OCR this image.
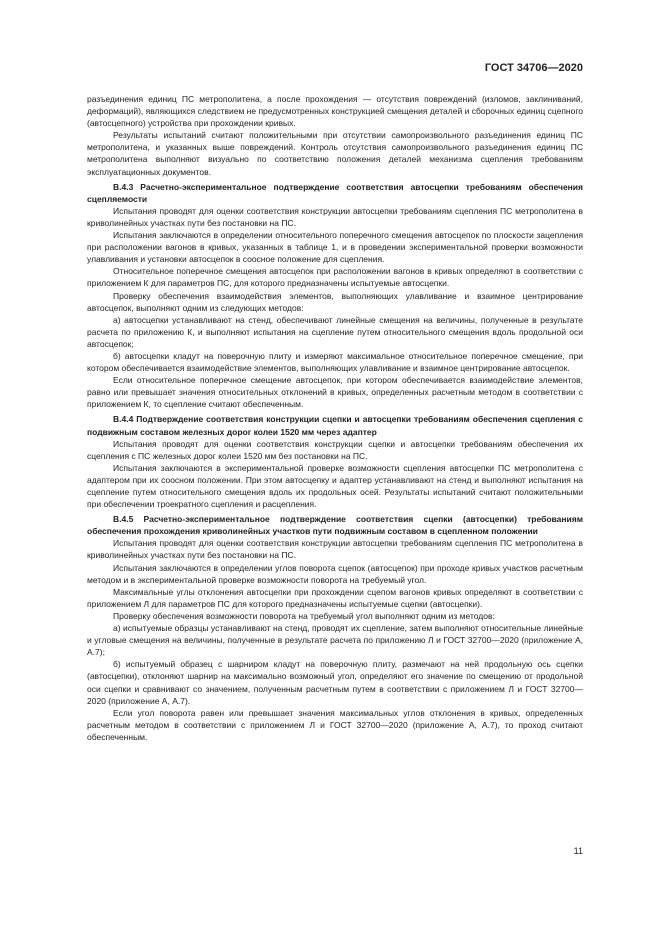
ГОСТ 34706—2020

разъединения единиц ПС метрополитена, а после прохождения — отсутствия повреждений (изломов, заклиниваний, деформаций), являющихся следствием не предусмотренных конструкцией смещения деталей и сборочных единиц сцепного (автосцепного) устройства при прохождении кривых.

Результаты испытаний считают положительными при отсутствии самопроизвольного разъединения единиц ПС метрополитена, и указанных выше повреждений. Контроль отсутствия самопроизвольного разъединения единиц ПС метрополитена выполняют визуально по соответствию положения деталей механизма сцепления требованиям эксплуатационных документов.

В.4.3 Расчетно-экспериментальное подтверждение соответствия автосцепки требованиям обеспечения сцепляемости

Испытания проводят для оценки соответствия конструкции автосцепки требованиям сцепления ПС метрополитена в криволинейных участках пути без постановки на ПС.

Испытания заключаются в определении относительного поперечного смещения автосцепок по плоскости зацепления при расположении вагонов в кривых, указанных в таблице 1, и в проведении экспериментальной проверки возможности улавливания и установки автосцепок в соосное положение для сцепления.

Относительное поперечное смещения автосцепок при расположении вагонов в кривых определяют в соответствии с приложением К для параметров ПС, для которого предназначены испытуемые автосцепки.

Проверку обеспечения взаимодействия элементов, выполняющих улавливание и взаимное центрирование автосцепок, выполняют одним из следующих методов:

а) автосцепки устанавливают на стенд, обеспечивают линейные смещения на величины, полученные в результате расчета по приложению К, и выполняют испытания на сцепление путем относительного смещения вдоль продольной оси автосцепок;

б) автосцепки кладут на поверочную плиту и измеряют максимальное относительное поперечное смещение, при котором обеспечивается взаимодействие элементов, выполняющих улавливание и взаимное центрирование автосцепок.

Если относительное поперечное смещение автосцепок, при котором обеспечивается взаимодействие элементов, равно или превышает значения относительных отклонений в кривых, определенных расчетным методом в соответствии с приложением К, то сцепление считают обеспеченным.

В.4.4 Подтверждение соответствия конструкции сцепки и автосцепки требованиям обеспечения сцепления с подвижным составом железных дорог колеи 1520 мм через адаптер

Испытания проводят для оценки соответствия конструкции сцепки и автосцепки требованиям обеспечения их сцепления с ПС железных дорог колеи 1520 мм без постановки на ПС.

Испытания заключаются в экспериментальной проверке возможности сцепления автосцепки ПС метрополитена с адаптером при их соосном положении. При этом автосцепку и адаптер устанавливают на стенд и выполняют испытания на сцепление путем относительного смещения вдоль их продольных осей. Результаты испытаний считают положительными при обеспечении троекратного сцепления и расцепления.

В.4.5 Расчетно-экспериментальное подтверждение соответствия сцепки (автосцепки) требованиям обеспечения прохождения криволинейных участков пути подвижным составом в сцепленном положении

Испытания проводят для оценки соответствия конструкции автосцепки требованиям сцепления ПС метрополитена в криволинейных участках пути без постановки на ПС.

Испытания заключаются в определении углов поворота сцепок (автосцепок) при проходе кривых участков расчетным методом и в экспериментальной проверке возможности поворота на требуемый угол.

Максимальные углы отклонения автосцепки при прохождении сцепом вагонов кривых определяют в соответствии с приложением Л для параметров ПС для которого предназначены испытуемые сцепки (автосцепки).

Проверку обеспечения возможности поворота на требуемый угол выполняют одним из методов:

а) испытуемые образцы устанавливают на стенд, проводят их сцепление, затем выполняют относительные линейные и угловые смещения на величины, полученные в результате расчета по приложению Л и ГОСТ 32700—2020 (приложение А, А.7);

б) испытуемый образец с шарниром кладут на поверочную плиту, размечают на ней продольную ось сцепки (автосцепки), отклоняют шарнир на максимально возможный угол, определяют его значение по смещению от продольной оси сцепки и сравнивают со значением, полученным расчетным путем в соответствии с приложением Л и ГОСТ 32700—2020 (приложение А, А.7).

Если угол поворота равен или превышает значения максимальных углов отклонения в кривых, определенных расчетным методом в соответствии с приложением Л и ГОСТ 32700—2020 (приложение А, А.7), то проход считают обеспеченным.

11
